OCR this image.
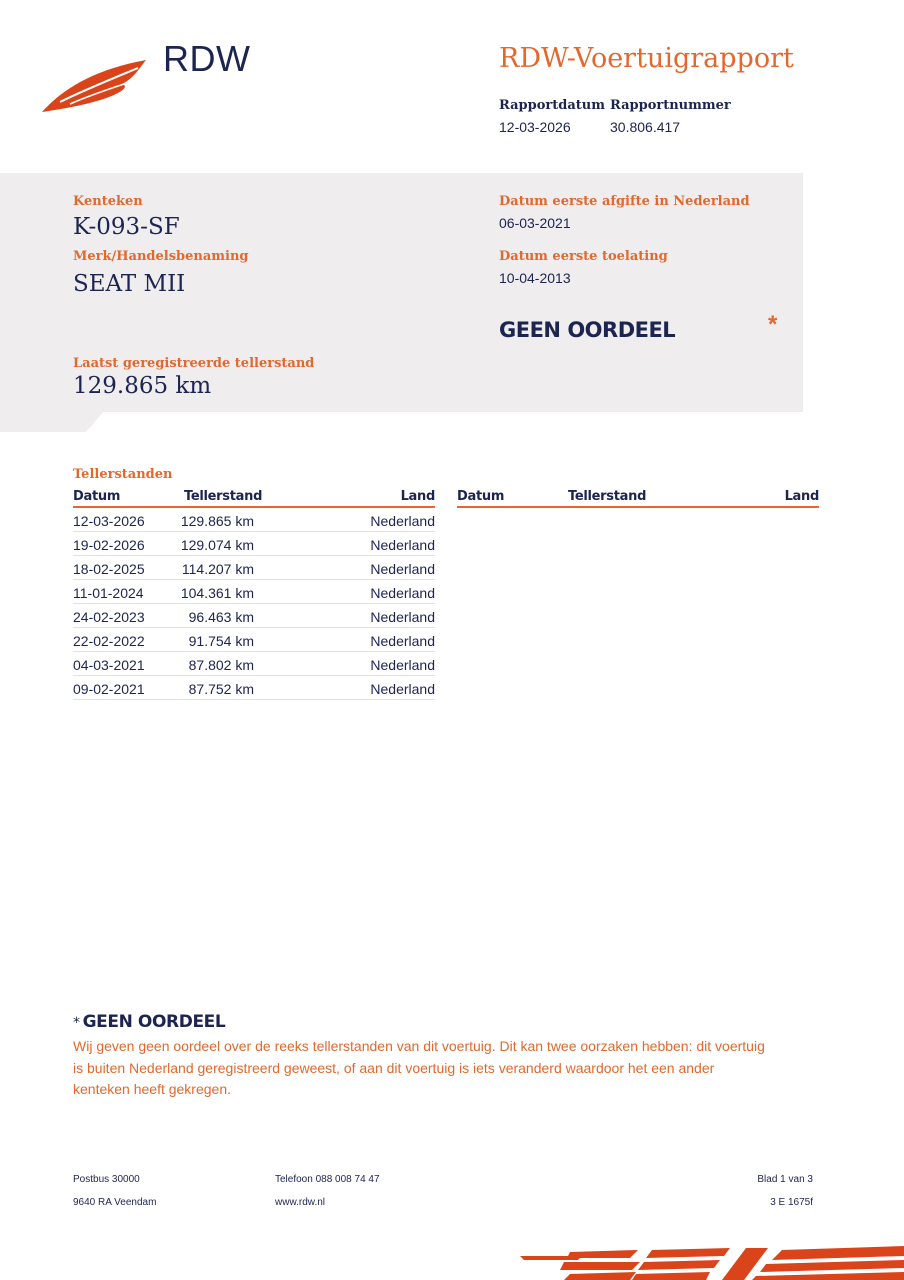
RDW	RDW-Voertuigrapport
Rapportdatum
12-03-2026
Rapportnummer
30.806.417
Kenteken
K-093-SF
Merk/Handelsbenaming
SEAT MII
Datum eerste afgifte in Nederland
06-03-2021
Datum eerste toelating
10-04-2013
GEEN OORDEEL	*
Laatst geregistreerde tellerstand
129.865 km
Tellerstanden
Datum	Tellerstand	Land
12-03-2026	129.865 km	Nederland
19-02-2026	129.074 km	Nederland
18-02-2025	114.207 km	Nederland
11-01-2024	104.361 km	Nederland
24-02-2023	96.463 km	Nederland
22-02-2022	91.754 km	Nederland
04-03-2021	87.802 km	Nederland
09-02-2021	87.752 km	Nederland
Datum	Tellerstand	Land
* GEEN OORDEEL
Wij geven geen oordeel over de reeks tellerstanden van dit voertuig. Dit kan twee oorzaken hebben: dit voertuig is buiten Nederland geregistreerd geweest, of aan dit voertuig is iets veranderd waardoor het een ander kenteken heeft gekregen.
Postbus 30000
9640 RA Veendam
Telefoon 088 008 74 47
www.rdw.nl
Blad 1 van 3
3 E 1675f
